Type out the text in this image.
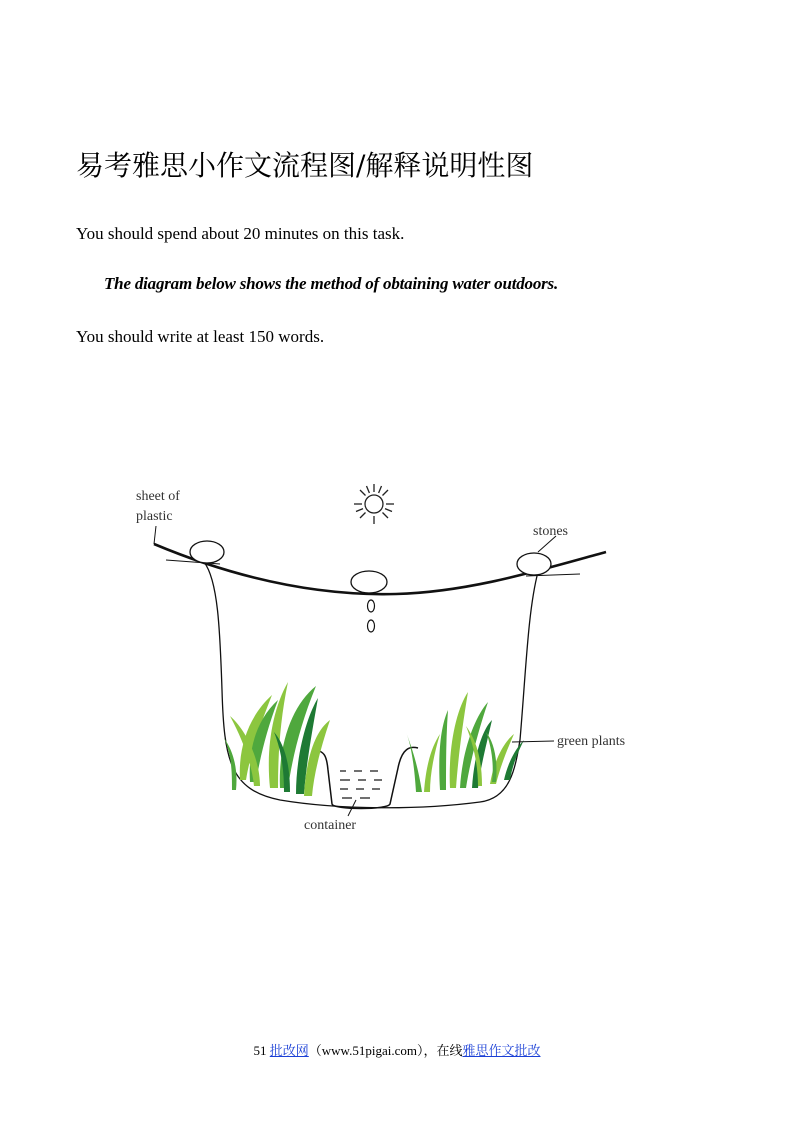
易考雅思小作文流程图/解释说明性图
You should spend about 20 minutes on this task.
The diagram below shows the method of obtaining water outdoors.
You should write at least 150 words.
sheet of
plastic
stones
green plants
container
51 批改网（www.51pigai.com），在线雅思作文批改
